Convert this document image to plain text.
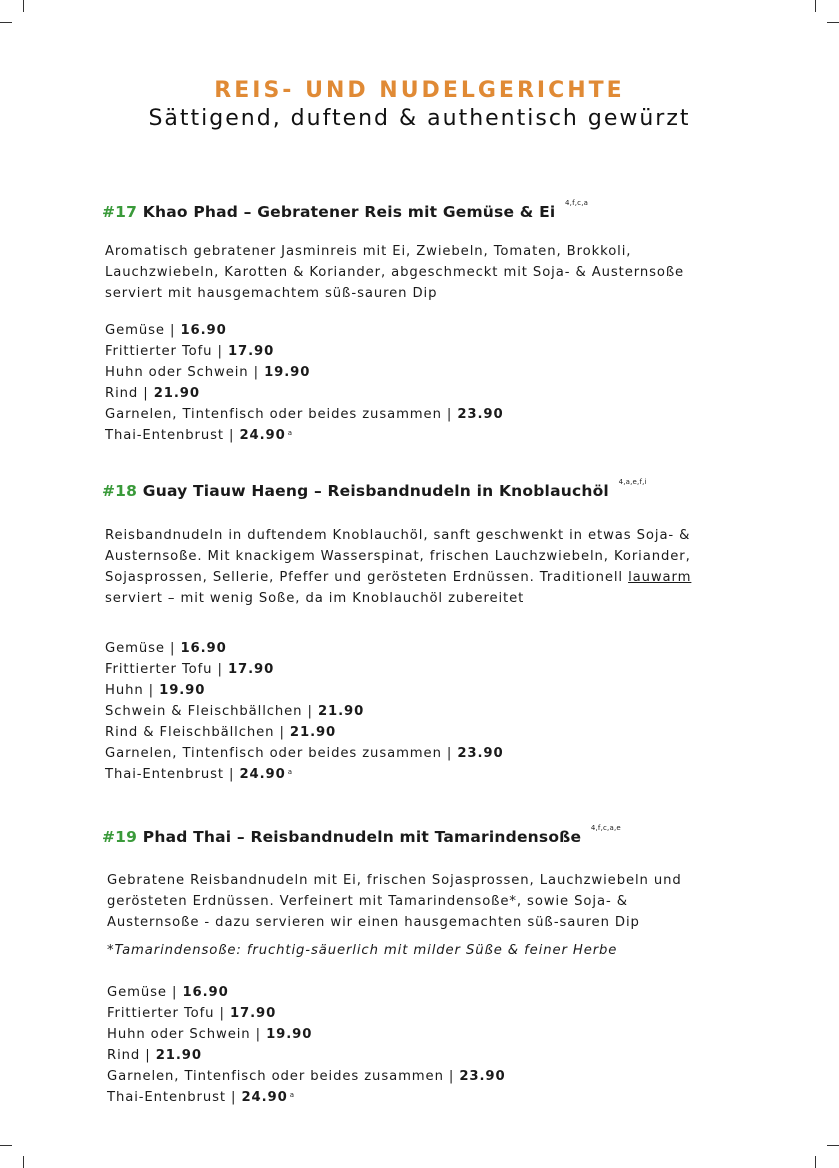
REIS- UND NUDELGERICHTE
Sättigend, duftend & authentisch gewürzt
#17 Khao Phad – Gebratener Reis mit Gemüse & Ei $^{4,f,c,a}$
Aromatisch gebratener Jasminreis mit Ei, Zwiebeln, Tomaten, Brokkoli,
Lauchzwiebeln, Karotten & Koriander, abgeschmeckt mit Soja- & Austernsoße
serviert mit hausgemachtem süß-sauren Dip
Gemüse | 16.90
Frittierter Tofu | 17.90
Huhn oder Schwein | 19.90
Rind | 21.90
Garnelen, Tintenfisch oder beides zusammen | 23.90
Thai-Entenbrust | 24.90 $^a$
#18 Guay Tiauw Haeng – Reisbandnudeln in Knoblauchöl $^{4,a,e,f,i}$
Reisbandnudeln in duftendem Knoblauchöl, sanft geschwenkt in etwas Soja- &
Austernsoße. Mit knackigem Wasserspinat, frischen Lauchzwiebeln, Koriander,
Sojasprossen, Sellerie, Pfeffer und gerösteten Erdnüssen. Traditionell lauwarm
serviert – mit wenig Soße, da im Knoblauchöl zubereitet
Gemüse | 16.90
Frittierter Tofu | 17.90
Huhn | 19.90
Schwein & Fleischbällchen | 21.90
Rind & Fleischbällchen | 21.90
Garnelen, Tintenfisch oder beides zusammen | 23.90
Thai-Entenbrust | 24.90 $^a$
#19 Phad Thai – Reisbandnudeln mit Tamarindensoße $^{4,f,c,a,e}$
Gebratene Reisbandnudeln mit Ei, frischen Sojasprossen, Lauchzwiebeln und
gerösteten Erdnüssen. Verfeinert mit Tamarindensoße*, sowie Soja- &
Austernsoße - dazu servieren wir einen hausgemachten süß-sauren Dip
*Tamarindensoße: fruchtig-säuerlich mit milder Süße & feiner Herbe
Gemüse | 16.90
Frittierter Tofu | 17.90
Huhn oder Schwein | 19.90
Rind | 21.90
Garnelen, Tintenfisch oder beides zusammen | 23.90
Thai-Entenbrust | 24.90 $^a$
